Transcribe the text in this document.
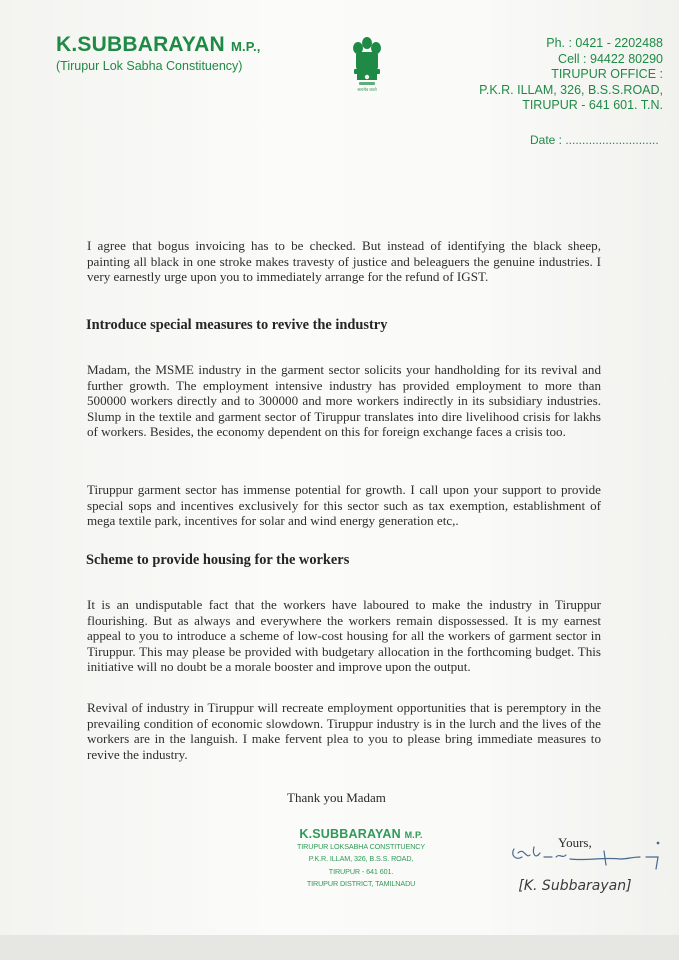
K.SUBBARAYAN M.P.,
(Tirupur Lok Sabha Constituency)
सत्यमेव जयते
Ph. : 0421 - 2202488
Cell : 94422 80290
TIRUPUR OFFICE :
P.K.R. ILLAM, 326, B.S.S.ROAD,
TIRUPUR - 641 601. T.N.
Date : ............................
I agree that bogus invoicing has to be checked. But instead of identifying the black sheep, painting all black in one stroke makes travesty of justice and beleaguers the genuine industries. I very earnestly urge upon you to immediately arrange for the refund of IGST.
Introduce special measures to revive the industry
Madam, the MSME industry in the garment sector solicits your handholding for its revival and further growth. The employment intensive industry has provided employment to more than 500000 workers directly and to 300000 and more workers indirectly in its subsidiary industries. Slump in the textile and garment sector of Tiruppur translates into dire livelihood crisis for lakhs of workers. Besides, the economy dependent on this for foreign exchange faces a crisis too.
Tiruppur garment sector has immense potential for growth. I call upon your support to provide special sops and incentives exclusively for this sector such as tax exemption, establishment of mega textile park, incentives for solar and wind energy generation etc,.
Scheme to provide housing for the workers
It is an undisputable fact that the workers have laboured to make the industry in Tiruppur flourishing. But as always and everywhere the workers remain dispossessed. It is my earnest appeal to you to introduce a scheme of low-cost housing for all the workers of garment sector in Tiruppur. This may please be provided with budgetary allocation in the forthcoming budget. This initiative will no doubt be a morale booster and improve upon the output.
Revival of industry in Tiruppur will recreate employment opportunities that is peremptory in the prevailing condition of economic slowdown. Tiruppur industry is in the lurch and the lives of the workers are in the languish. I make fervent plea to you to please bring immediate measures to revive the industry.
Thank you Madam
K.SUBBARAYAN M.P.
TIRUPUR LOKSABHA CONSTITUENCY
P.K.R. ILLAM, 326, B.S.S. ROAD,
TIRUPUR - 641 601.
TIRUPUR DISTRICT, TAMILNADU
Yours,
[K. Subbarayan]
